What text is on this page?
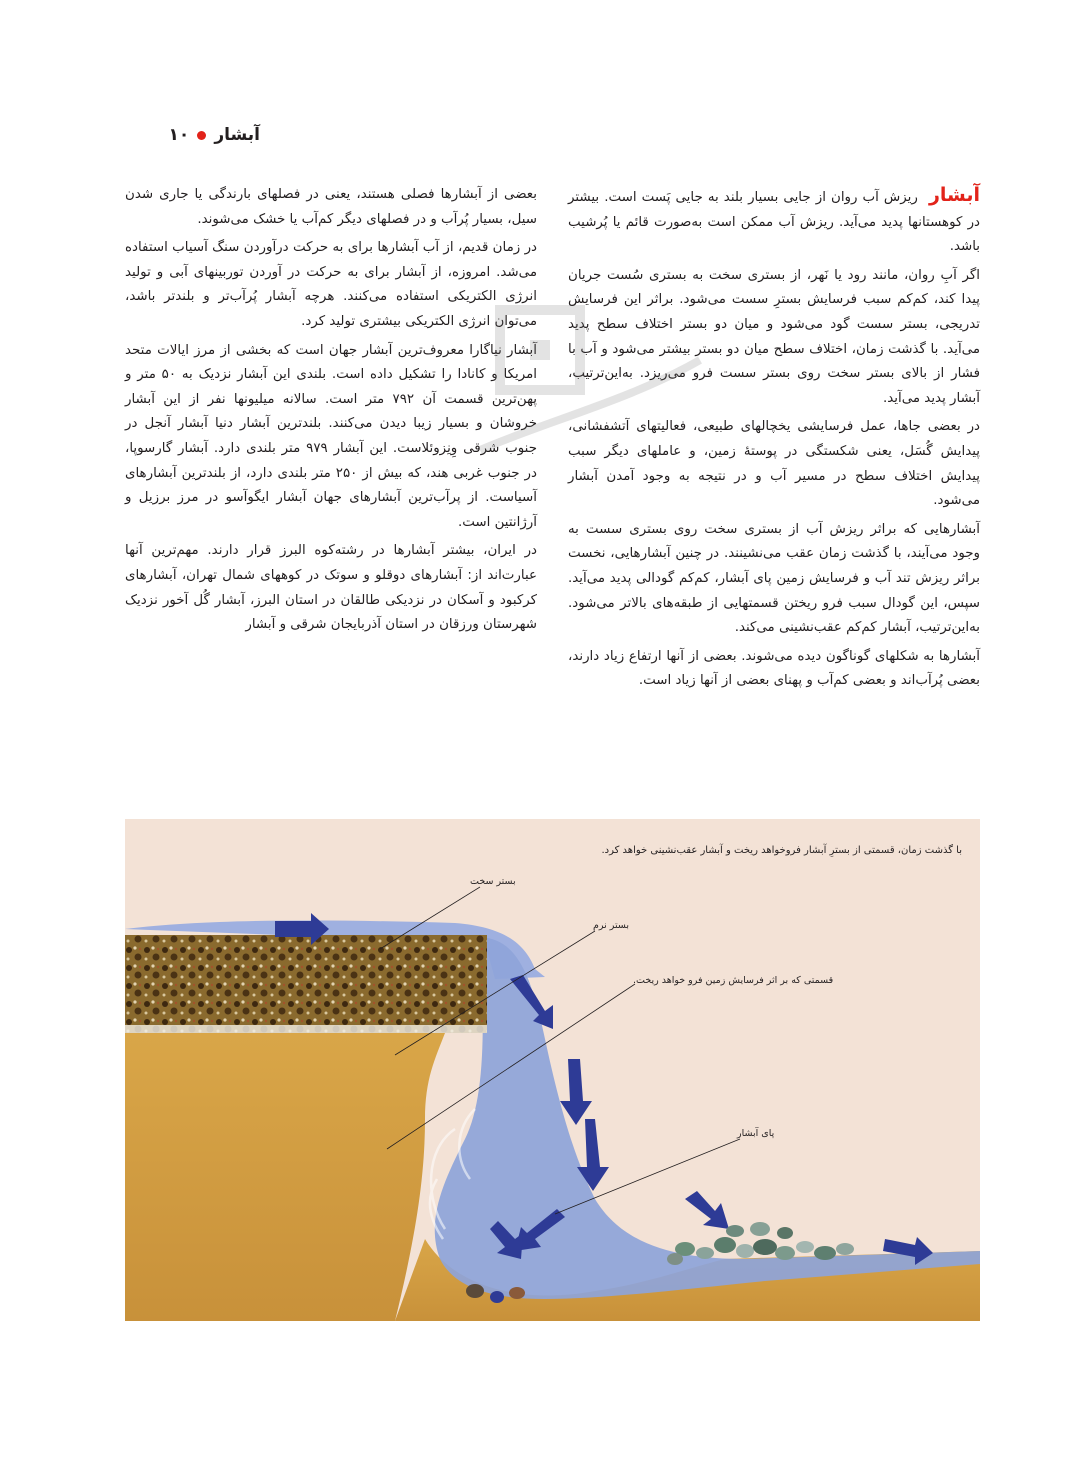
آبشار
۱۰

آبشار ریزش آب روان از جایی بسیار بلند به جایی پَست است. بیشتر در کوهستانها پدید می‌آید. ریزش آب ممکن است به‌صورت قائم یا پُرشیب باشد.

اگر آبِ روان، مانند رود یا نَهر، از بستری سخت به بستری سُست جریان پیدا کند، کم‌کم سبب فرسایش بسترِ سست می‌شود. براثر این فرسایش تدریجی، بستر سست گود می‌شود و میان دو بستر اختلاف سطح پدید می‌آید. با گذشت زمان، اختلاف سطح میان دو بستر بیشتر می‌شود و آب با فشار از بالای بستر سخت روی بستر سست فرو می‌ریزد. به‌این‌ترتیب، آبشار پدید می‌آید.

در بعضی جاها، عمل فرسایشی یخچالهای طبیعی، فعالیتهای آتشفشانی، پیدایش گُسَل، یعنی شکستگی در پوستهٔ زمین، و عاملهای دیگر سبب پیدایش اختلاف سطح در مسیر آب و در نتیجه به وجود آمدن آبشار می‌شود.

آبشارهایی که براثر ریزش آب از بستری سخت روی بستری سست به وجود می‌آیند، با گذشت زمان عقب می‌نشینند. در چنین آبشارهایی، نخست براثر ریزش تند آب و فرسایش زمین پای آبشار، کم‌کم گودالی پدید می‌آید. سپس، این گودال سبب فرو ریختن قسمتهایی از طبقه‌های بالاتر می‌شود. به‌این‌ترتیب، آبشار کم‌کم عقب‌نشینی می‌کند.

آبشارها به شکلهای گوناگون دیده می‌شوند. بعضی از آنها ارتفاع زیاد دارند، بعضی پُرآب‌اند و بعضی کم‌آب و پهنای بعضی از آنها زیاد است.

بعضی از آبشارها فصلی هستند، یعنی در فصلهای بارندگی یا جاری شدن سیل، بسیار پُرآب و در فصلهای دیگر کم‌آب یا خشک می‌شوند.

در زمان قدیم، از آب آبشارها برای به حرکت درآوردن سنگ آسیاب استفاده می‌شد. امروزه، از آبشار برای به حرکت در آوردن توربینهای آبی و تولید انرژی الکتریکی استفاده می‌کنند. هرچه آبشار پُرآب‌تر و بلندتر باشد، می‌توان انرژی الکتریکی بیشتری تولید کرد.

آبشار نیاگارا معروف‌ترین آبشار جهان است که بخشی از مرز ایالات متحد امریکا و کانادا را تشکیل داده است. بلندی این آبشار نزدیک به ۵۰ متر و پهن‌ترین قسمت آن ۷۹۲ متر است. سالانه میلیونها نفر از این آبشار خروشان و بسیار زیبا دیدن می‌کنند. بلندترین آبشار دنیا آبشار آنجل در جنوب شرقی وِنِزوئلاست. این آبشار ۹۷۹ متر بلندی دارد. آبشار گارسوپا، در جنوب غربی هند، که بیش از ۲۵۰ متر بلندی دارد، از بلندترین آبشارهای آسیاست. از پرآب‌ترین آبشارهای جهان آبشار ایگوآسو در مرز برزیل و آرژانتین است.

در ایران، بیشتر آبشارها در رشته‌کوه البرز قرار دارند. مهم‌ترین آنها عبارت‌اند از: آبشارهای دوقلو و سوتک در کوههای شمال تهران، آبشارهای کرکبود و آسکان در نزدیکی طالقان در استان البرز، آبشار گُل آخور نزدیک شهرستان ورزقان در استان آذربایجان شرقی و آبشار

با گذشت زمان، قسمتی از بسترِ آبشار فروخواهد ریخت و آبشار عقب‌نشینی خواهد کرد.
بستر سخت
بستر نرم
قسمتی که بر اثر فرسایش زمین فرو خواهد ریخت.
پای آبشار
